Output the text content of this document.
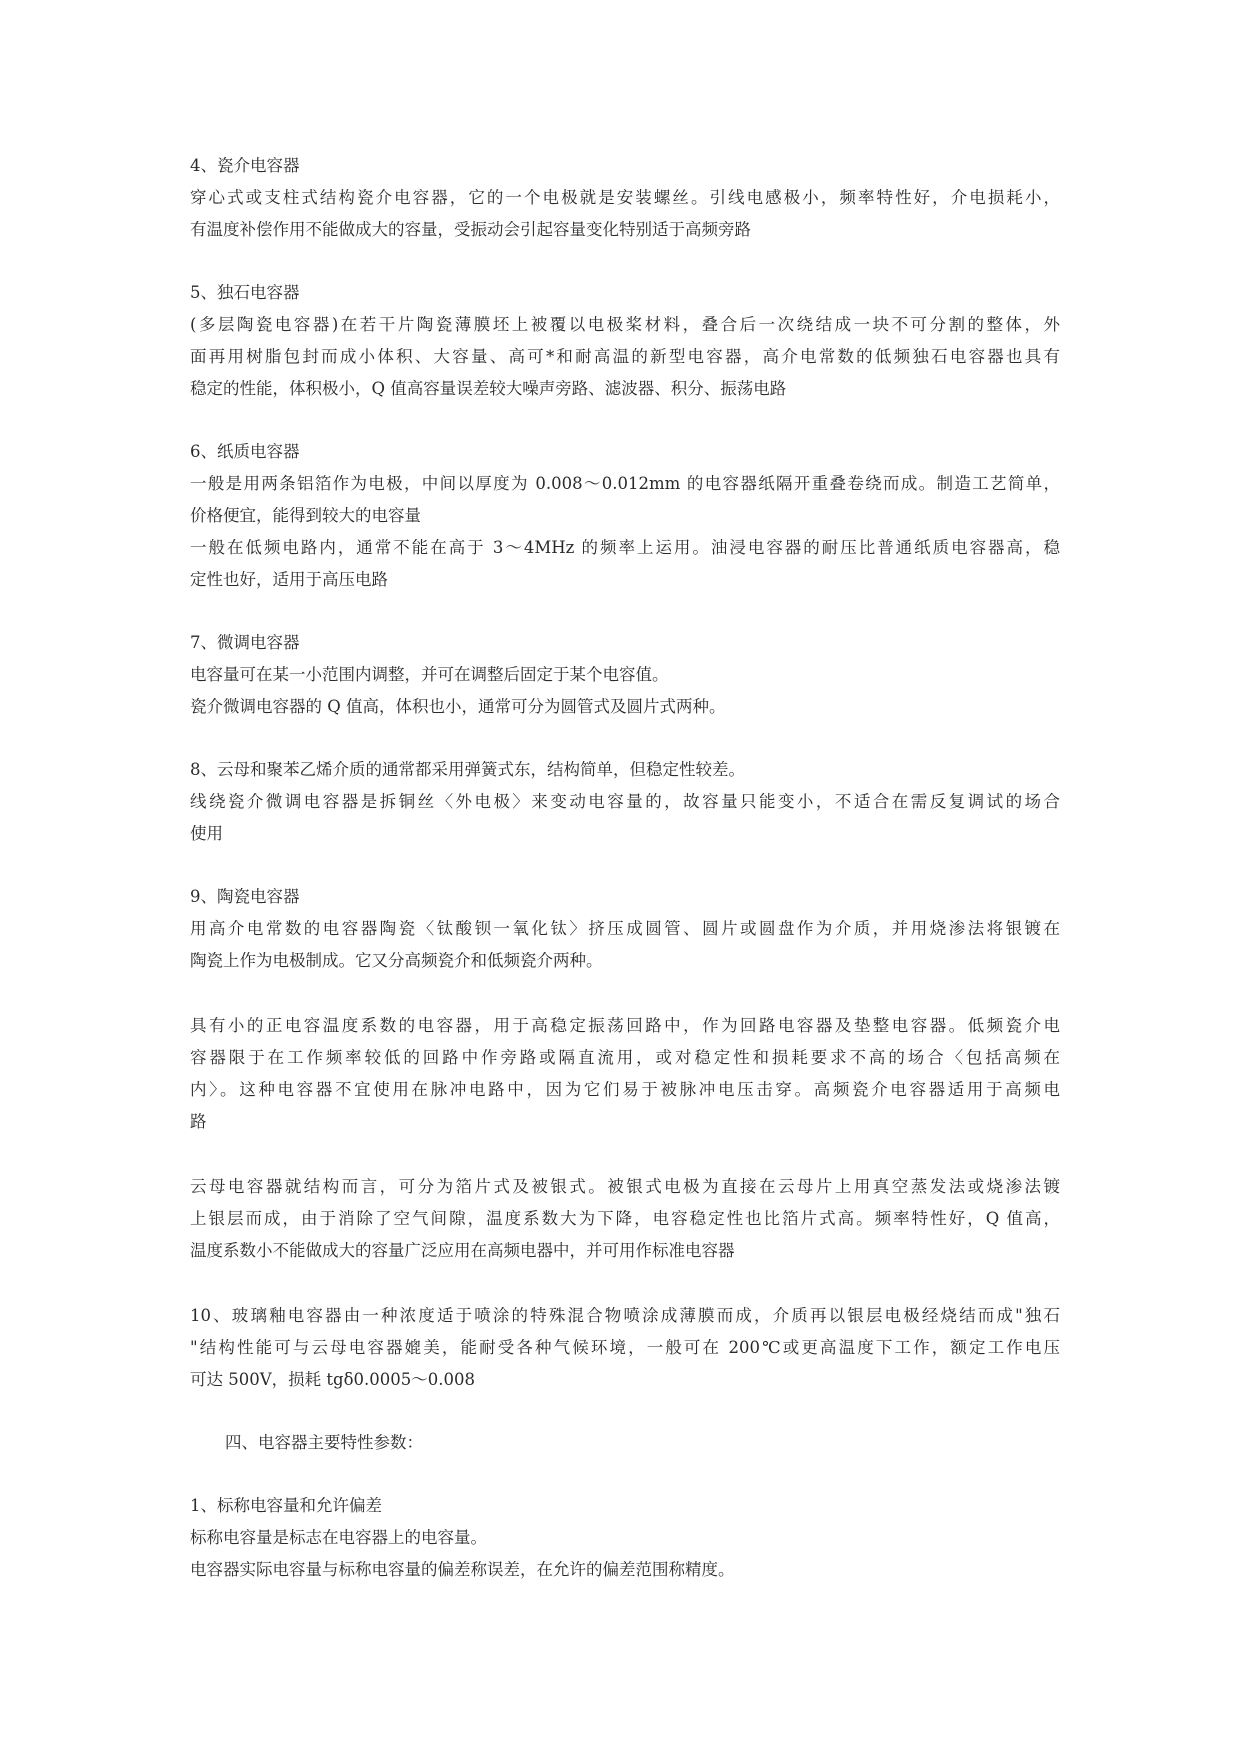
4、瓷介电容器
穿心式或支柱式结构瓷介电容器，它的一个电极就是安装螺丝。引线电感极小，频率特性好，介电损耗小，
有温度补偿作用不能做成大的容量，受振动会引起容量变化特别适于高频旁路
5、独石电容器
(多层陶瓷电容器)在若干片陶瓷薄膜坯上被覆以电极桨材料，叠合后一次绕结成一块不可分割的整体，外
面再用树脂包封而成小体积、大容量、高可*和耐高温的新型电容器，高介电常数的低频独石电容器也具有
稳定的性能，体积极小，Q 值高容量误差较大噪声旁路、滤波器、积分、振荡电路
6、纸质电容器
一般是用两条铝箔作为电极，中间以厚度为 0.008～0.012mm 的电容器纸隔开重叠卷绕而成。制造工艺简单，
价格便宜，能得到较大的电容量
一般在低频电路内，通常不能在高于 3～4MHz 的频率上运用。油浸电容器的耐压比普通纸质电容器高，稳
定性也好，适用于高压电路
7、微调电容器
电容量可在某一小范围内调整，并可在调整后固定于某个电容值。
瓷介微调电容器的 Q 值高，体积也小，通常可分为圆管式及圆片式两种。
8、云母和聚苯乙烯介质的通常都采用弹簧式东，结构简单，但稳定性较差。
线绕瓷介微调电容器是拆铜丝〈外电极〉来变动电容量的，故容量只能变小，不适合在需反复调试的场合
使用
9、陶瓷电容器
用高介电常数的电容器陶瓷〈钛酸钡一氧化钛〉挤压成圆管、圆片或圆盘作为介质，并用烧渗法将银镀在
陶瓷上作为电极制成。它又分高频瓷介和低频瓷介两种。
具有小的正电容温度系数的电容器，用于高稳定振荡回路中，作为回路电容器及垫整电容器。低频瓷介电
容器限于在工作频率较低的回路中作旁路或隔直流用，或对稳定性和损耗要求不高的场合〈包括高频在
内〉。这种电容器不宜使用在脉冲电路中，因为它们易于被脉冲电压击穿。高频瓷介电容器适用于高频电
路
云母电容器就结构而言，可分为箔片式及被银式。被银式电极为直接在云母片上用真空蒸发法或烧渗法镀
上银层而成，由于消除了空气间隙，温度系数大为下降，电容稳定性也比箔片式高。频率特性好，Q 值高，
温度系数小不能做成大的容量广泛应用在高频电器中，并可用作标准电容器
10、玻璃釉电容器由一种浓度适于喷涂的特殊混合物喷涂成薄膜而成，介质再以银层电极经烧结而成"独石
"结构性能可与云母电容器媲美，能耐受各种气候环境，一般可在 200℃或更高温度下工作，额定工作电压
可达 500V，损耗 tgδ0.0005～0.008
四、电容器主要特性参数：
1、标称电容量和允许偏差
标称电容量是标志在电容器上的电容量。
电容器实际电容量与标称电容量的偏差称误差，在允许的偏差范围称精度。
